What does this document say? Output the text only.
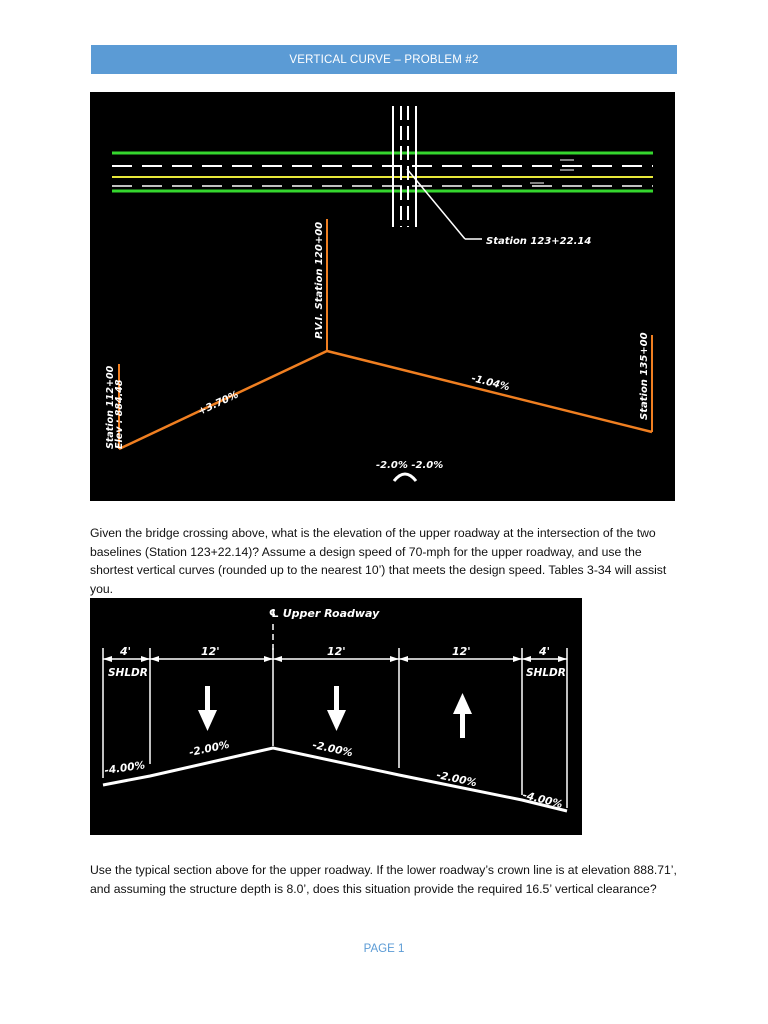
VERTICAL CURVE – PROBLEM #2
Station 123+22.14
P.V.I. Station 120+00
Station 112+00
Elev : 884.48	Station 135+00
+3.70%
-1.04%
-2.0% -2.0%

Given the bridge crossing above, what is the elevation of the upper roadway at the intersection of the two baselines (Station 123+22.14)? Assume a design speed of 70-mph for the upper roadway, and use the shortest vertical curves (rounded up to the nearest 10’) that meets the design speed. Tables 3-34 will assist you.

℄ Upper Roadway
4'	12'	12'	12'	4'
SHLDR	SHLDR
-4.00%
-2.00%	-2.00%
-2.00%
-4.00%

Use the typical section above for the upper roadway. If the lower roadway’s crown line is at elevation 888.71’, and assuming the structure depth is 8.0’, does this situation provide the required 16.5’ vertical clearance?

PAGE 1
